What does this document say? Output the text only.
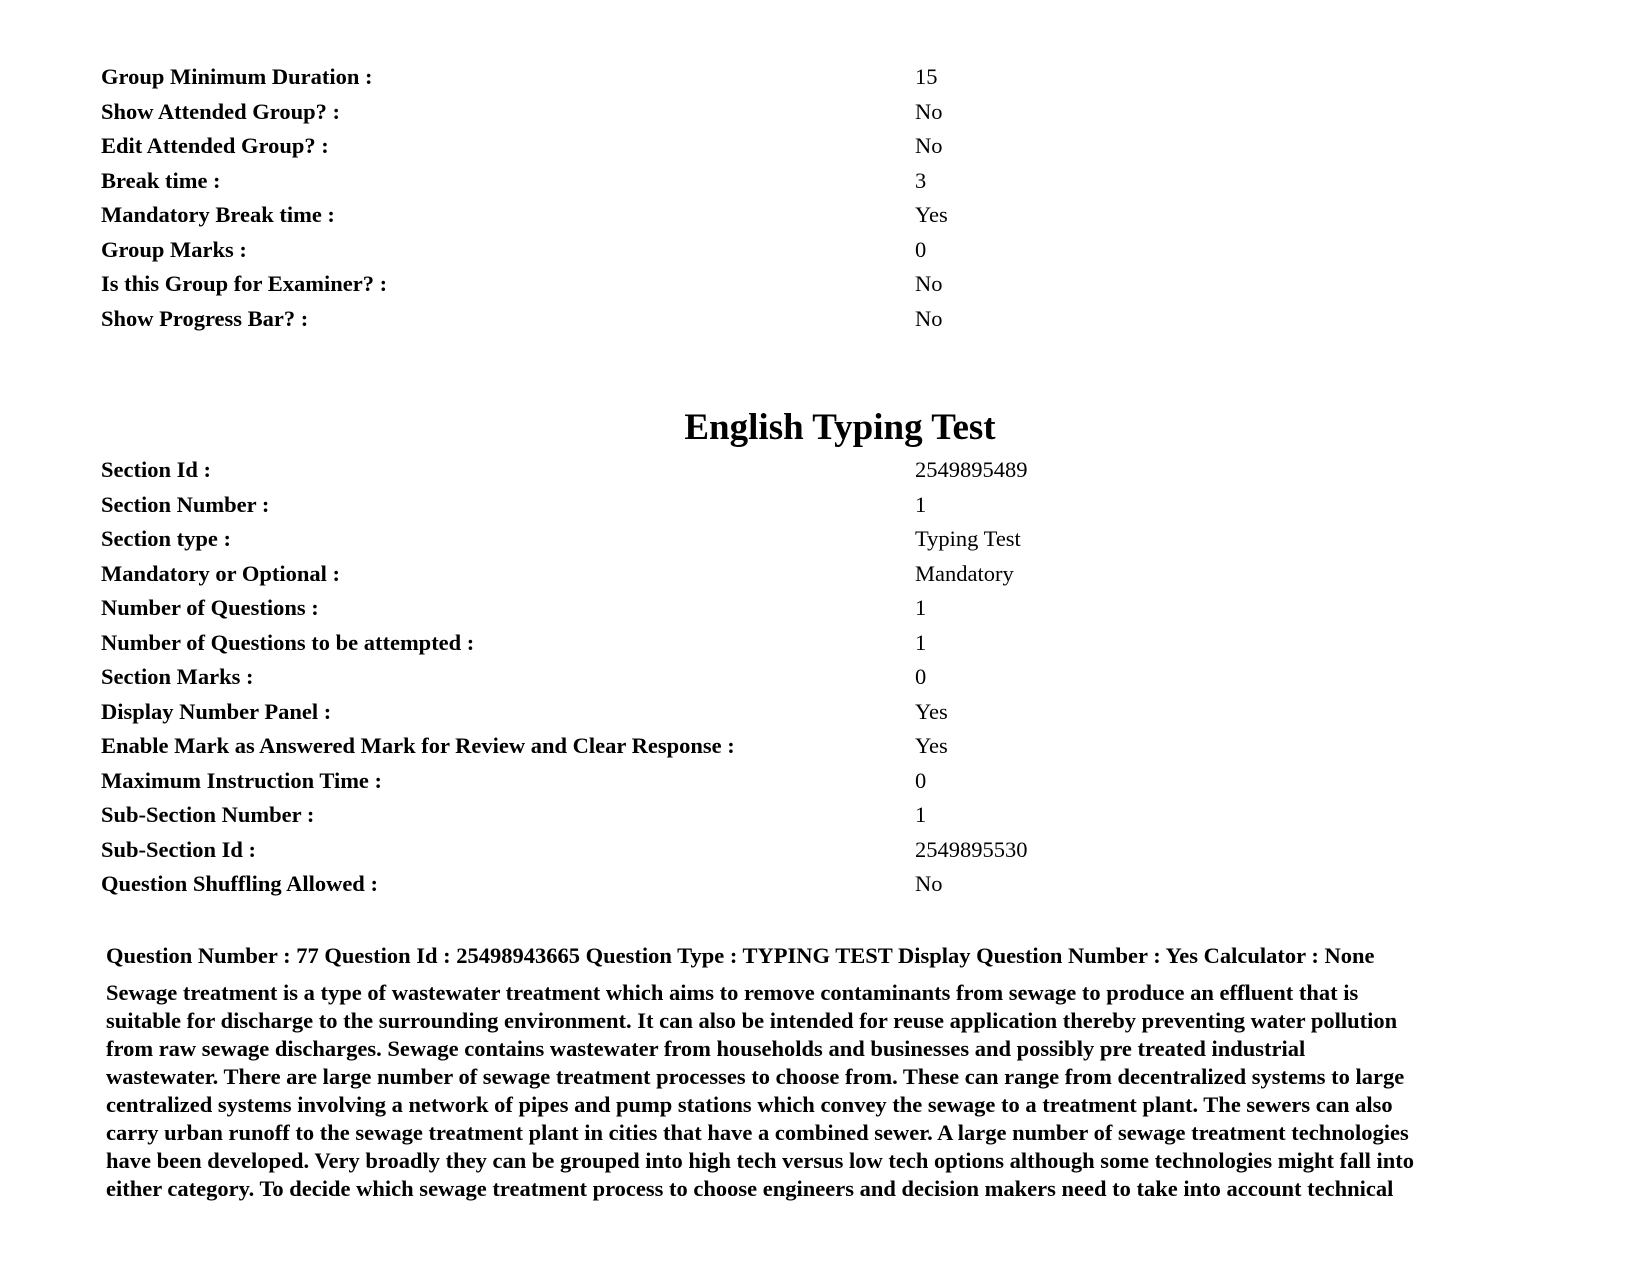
Group Minimum Duration :	15
Show Attended Group? :	No
Edit Attended Group? :	No
Break time :	3
Mandatory Break time :	Yes
Group Marks :	0
Is this Group for Examiner? :	No
Show Progress Bar? :	No
English Typing Test
Section Id :	2549895489
Section Number :	1
Section type :	Typing Test
Mandatory or Optional :	Mandatory
Number of Questions :	1
Number of Questions to be attempted :	1
Section Marks :	0
Display Number Panel :	Yes
Enable Mark as Answered Mark for Review and Clear Response :	Yes
Maximum Instruction Time :	0
Sub-Section Number :	1
Sub-Section Id :	2549895530
Question Shuffling Allowed :	No
Question Number : 77 Question Id : 25498943665 Question Type : TYPING TEST Display Question Number : Yes Calculator : None
Sewage treatment is a type of wastewater treatment which aims to remove contaminants from sewage to produce an effluent that is
suitable for discharge to the surrounding environment. It can also be intended for reuse application thereby preventing water pollution
from raw sewage discharges. Sewage contains wastewater from households and businesses and possibly pre treated industrial
wastewater. There are large number of sewage treatment processes to choose from. These can range from decentralized systems to large
centralized systems involving a network of pipes and pump stations which convey the sewage to a treatment plant. The sewers can also
carry urban runoff to the sewage treatment plant in cities that have a combined sewer. A large number of sewage treatment technologies
have been developed. Very broadly they can be grouped into high tech versus low tech options although some technologies might fall into
either category. To decide which sewage treatment process to choose engineers and decision makers need to take into account technical
